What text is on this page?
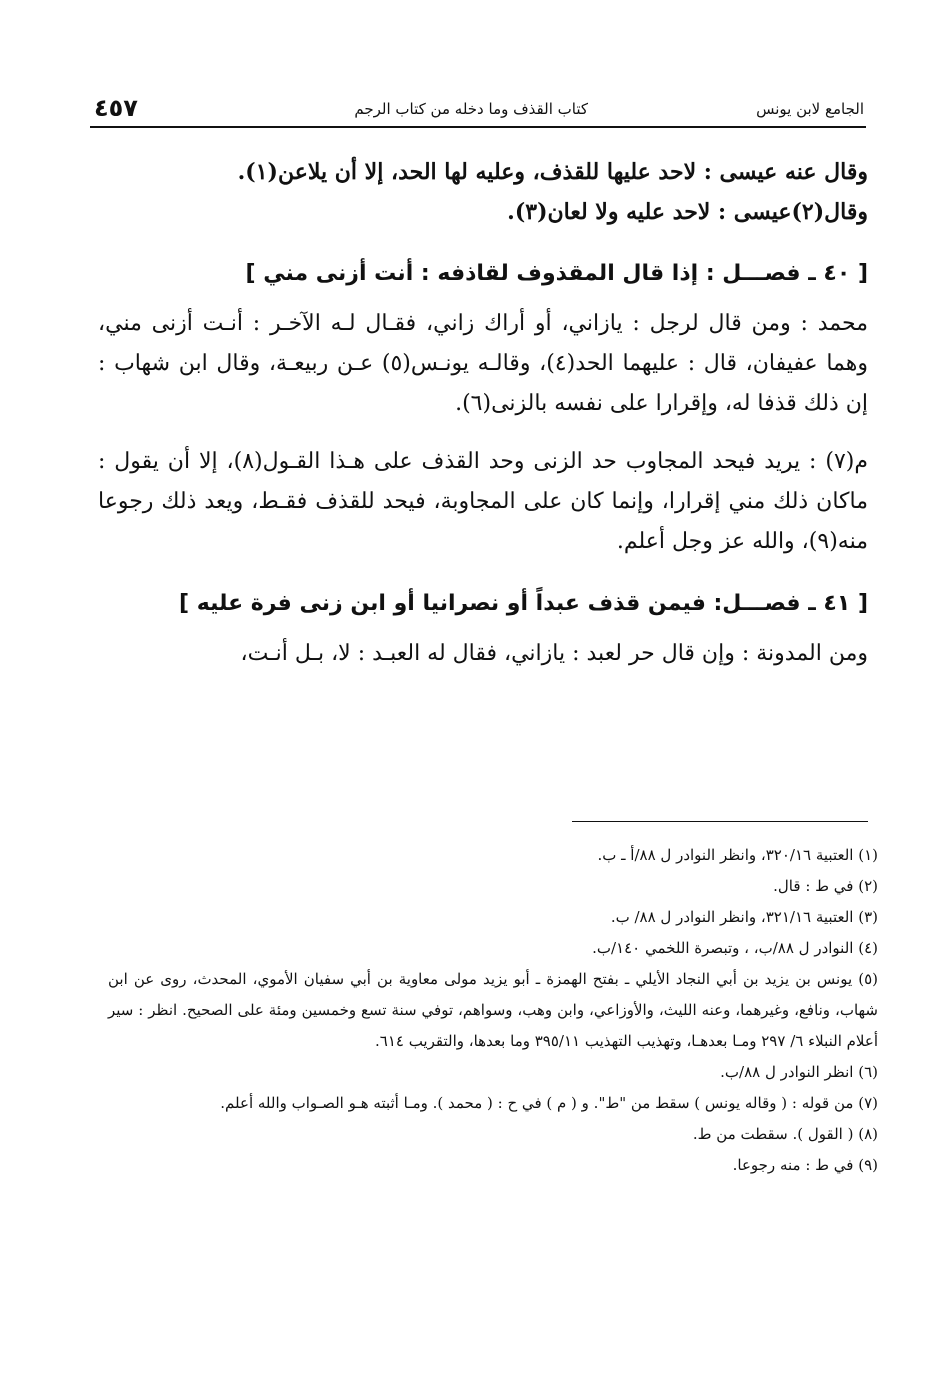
الجامع لابن يونس
كتاب القذف وما دخله من كتاب الرجم
٤٥٧

وقال عنه عيسى : لاحد عليها للقذف، وعليه لها الحد، إلا أن يلاعن(١).

وقال(٢)عيسى : لاحد عليه ولا لعان(٣).

[ ٤٠ ـ فصـــل : إذا قال المقذوف لقاذفه : أنت أزنى مني ]

محمد : ومن قال لرجل : يازاني، أو أراك زاني، فقـال لـه الآخـر : أنـت أزنى مني، وهما عفيفان، قال : عليهما الحد(٤)، وقالـه يونـس(٥) عـن ربيعـة، وقال ابن شهاب : إن ذلك قذفا له، وإقرارا على نفسه بالزنى(٦).

م(٧) : يريد فيحد المجاوب حد الزنى وحد القذف على هـذا القـول(٨)، إلا أن يقول : ماكان ذلك مني إقرارا، وإنما كان على المجاوبة، فيحد للقذف فقـط، ويعد ذلك رجوعا منه(٩)، والله عز وجل أعلم.

[ ٤١ ـ فصـــل: فيمن قذف عبداً أو نصرانيا أو ابن زنى فرة عليه ]

ومن المدونة : وإن قال حر لعبد : يازاني، فقال له العبـد : لا، بـل أنـت،

(١) العتبية ٣٢٠/١٦، وانظر النوادر ل ٨٨/أ ـ ب.

(٢) في ط : قال.

(٣) العتبية ٣٢١/١٦، وانظر النوادر ل ٨٨/ ب.

(٤) النوادر ل ٨٨/ب، ، وتبصرة اللخمي ١٤٠/ب.

(٥) يونس بن يزيد بن أبي النجاد الأيلي ـ بفتح الهمزة ـ أبو يزيد مولى معاوية بن أبي سفيان الأموي، المحدث، روى عن ابن شهاب، ونافع، وغيرهما، وعنه الليث، والأوزاعي، وابن وهب، وسواهم، توفي سنة تسع وخمسين ومئة على الصحيح. انظر : سير أعلام النبلاء ٦/ ٢٩٧ ومـا بعدهـا، وتهذيب التهذيب ٣٩٥/١١ وما بعدها، والتقريب ٦١٤.

(٦) انظر النوادر ل ٨٨/ب.

(٧) من قوله : ( وقاله يونس ) سقط من "ط". و ( م ) في ح : ( محمد ). ومـا أثبته هـو الصـواب والله أعلم.

(٨) ( القول ). سقطت من ط.

(٩) في ط : منه رجوعا.
